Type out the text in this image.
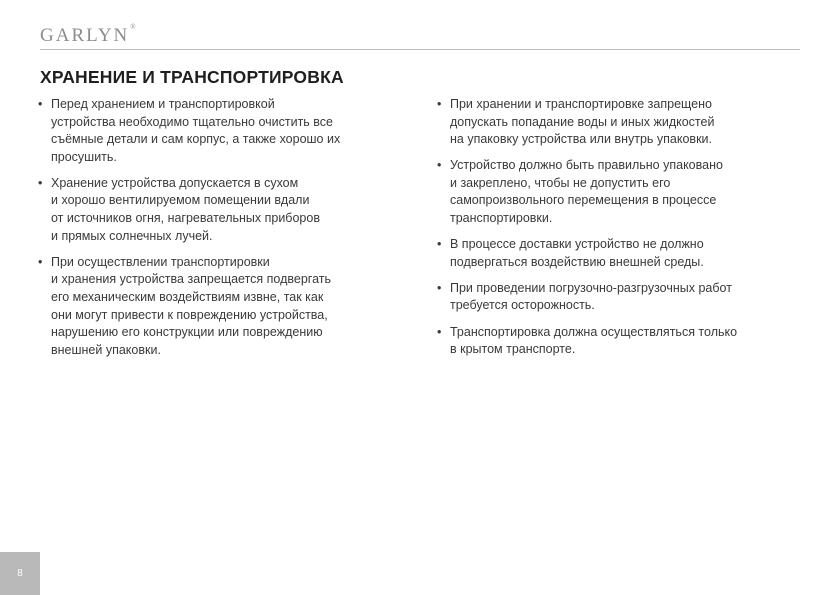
GARLYN®
ХРАНЕНИЕ И ТРАНСПОРТИРОВКА
• Перед хранением и транспортировкой
устройства необходимо тщательно очистить все
съёмные детали и сам корпус, а также хорошо их
просушить.
• Хранение устройства допускается в сухом
и хорошо вентилируемом помещении вдали
от источников огня, нагревательных приборов
и прямых солнечных лучей.
• При осуществлении транспортировки
и хранения устройства запрещается подвергать
его механическим воздействиям извне, так как
они могут привести к повреждению устройства,
нарушению его конструкции или повреждению
внешней упаковки.
• При хранении и транспортировке запрещено
допускать попадание воды и иных жидкостей
на упаковку устройства или внутрь упаковки.
• Устройство должно быть правильно упаковано
и закреплено, чтобы не допустить его
самопроизвольного перемещения в процессе
транспортировки.
• В процессе доставки устройство не должно
подвергаться воздействию внешней среды.
• При проведении погрузочно-разгрузочных работ
требуется осторожность.
• Транспортировка должна осуществляться только
в крытом транспорте.
8
